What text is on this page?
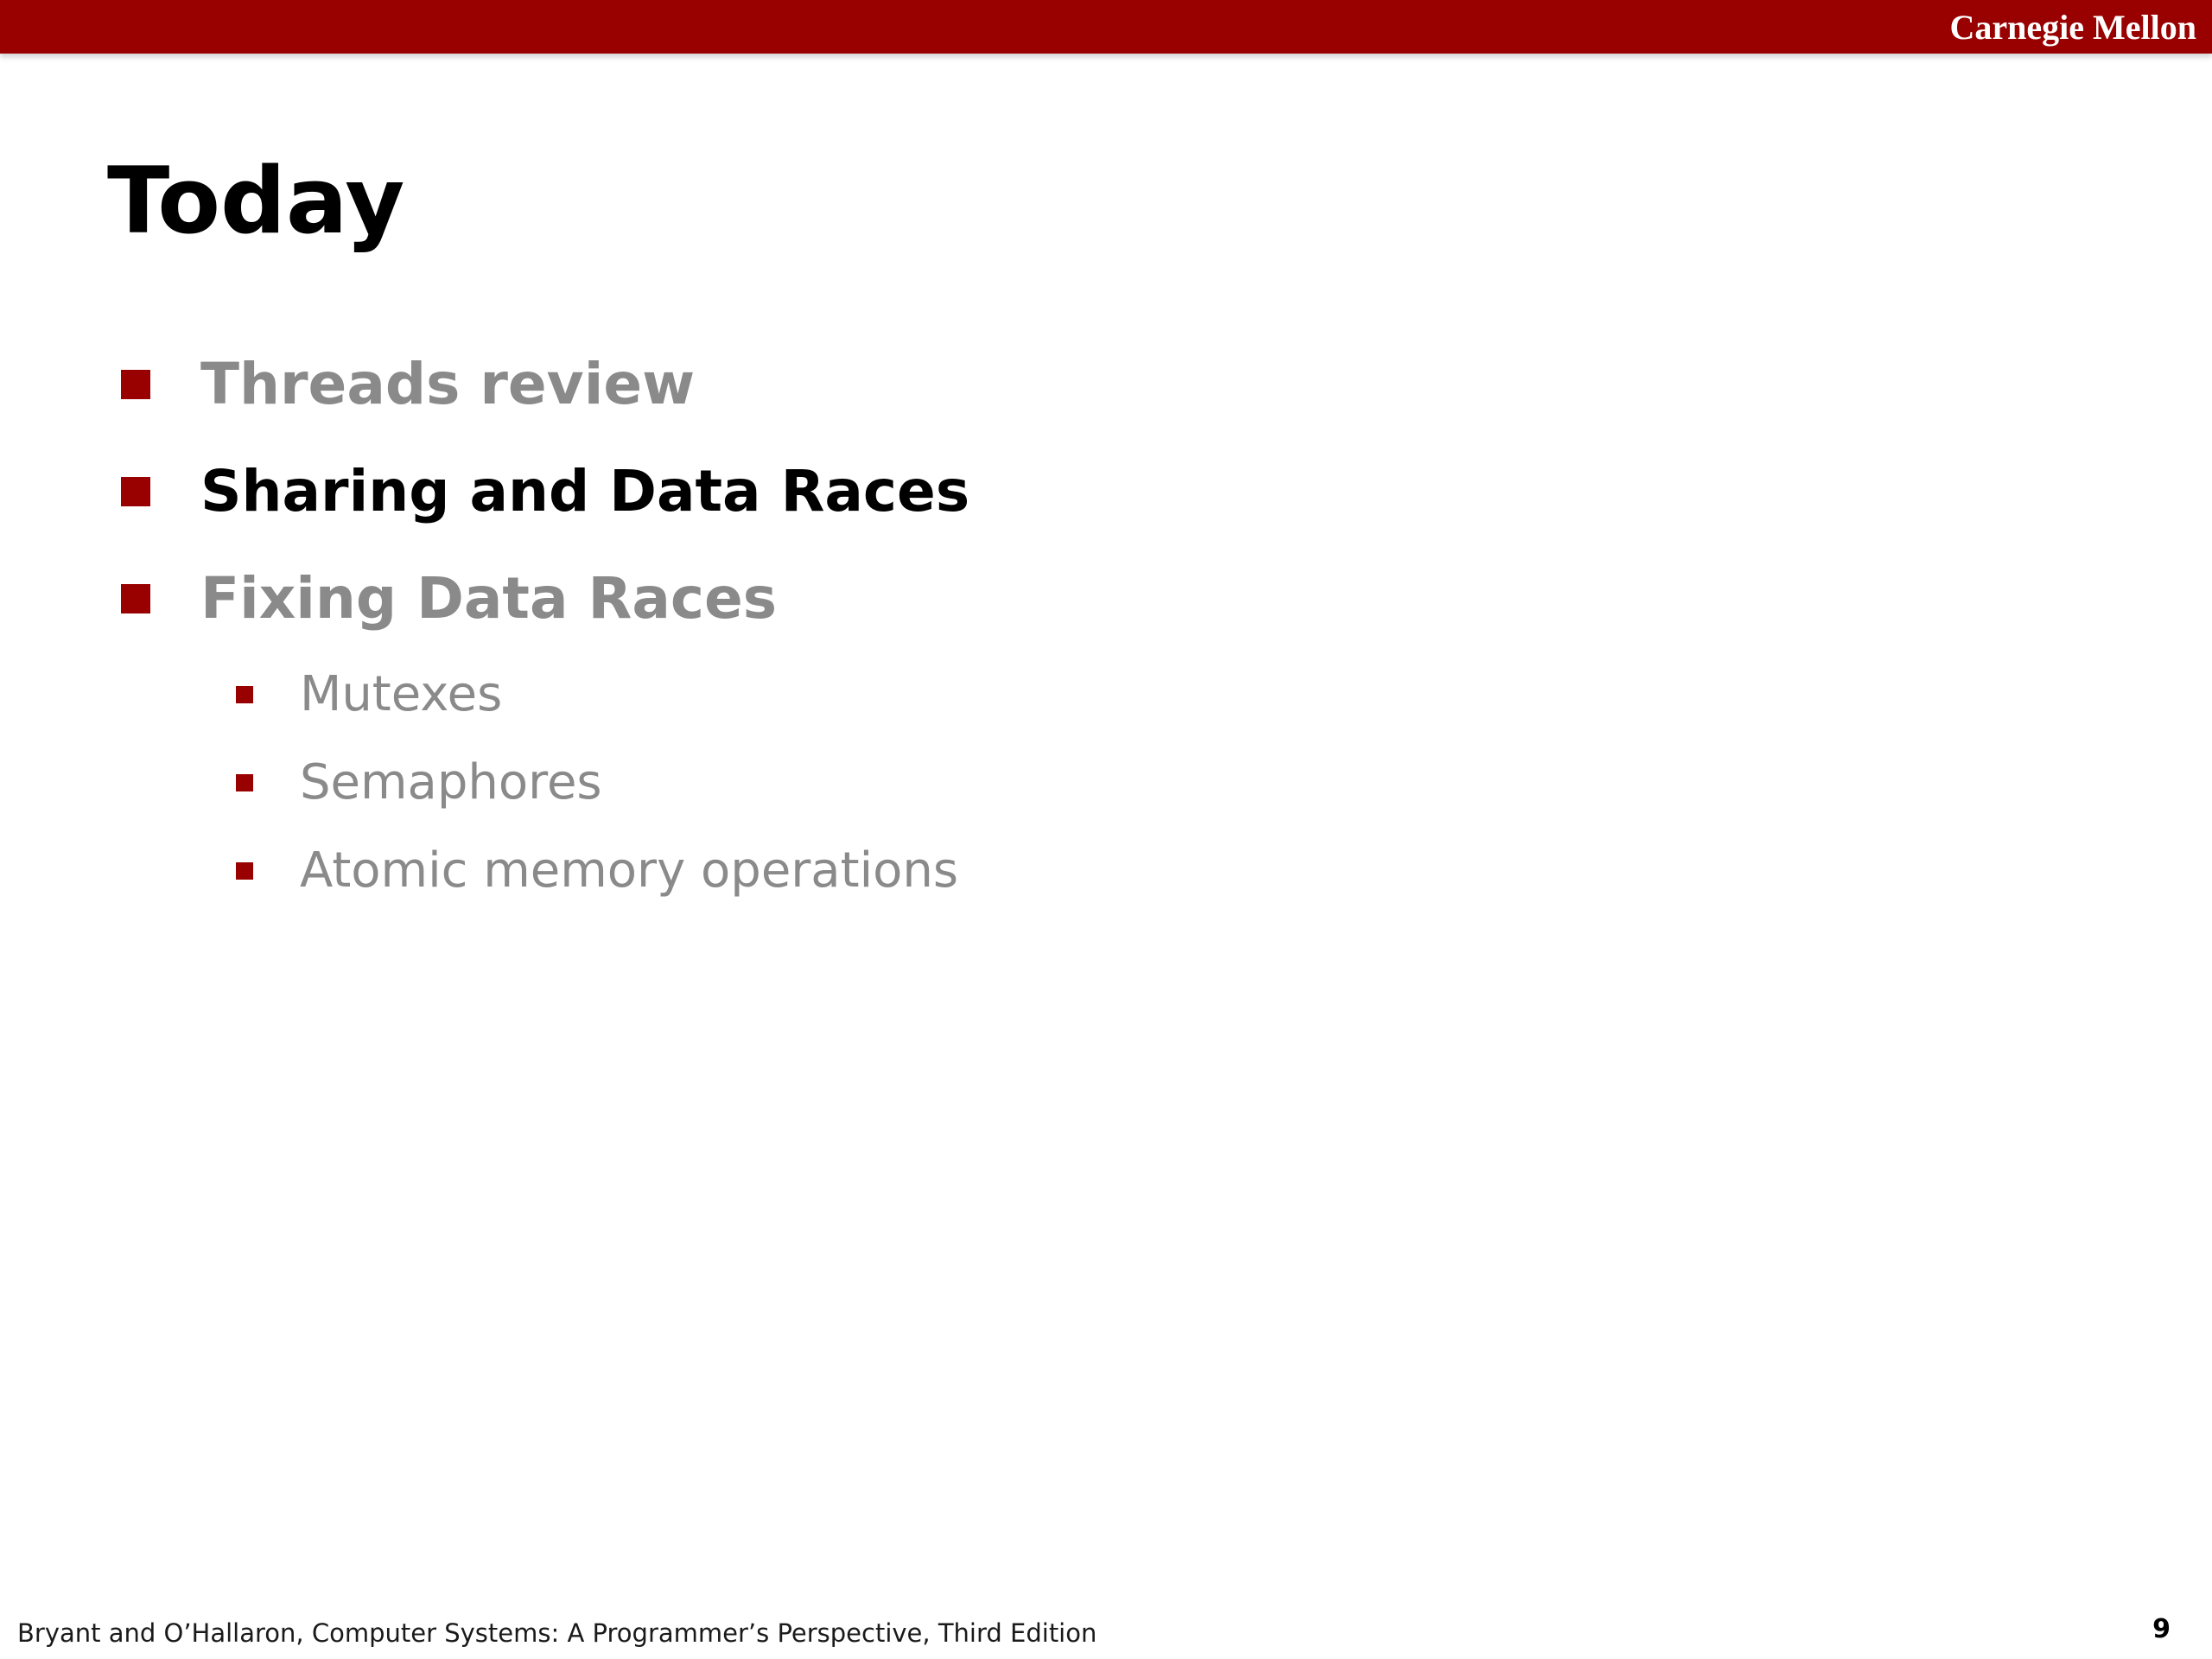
Carnegie Mellon
Today
Threads review
Sharing and Data Races
Fixing Data Races
Mutexes
Semaphores
Atomic memory operations
Bryant and O’Hallaron, Computer Systems: A Programmer’s Perspective, Third Edition	9
